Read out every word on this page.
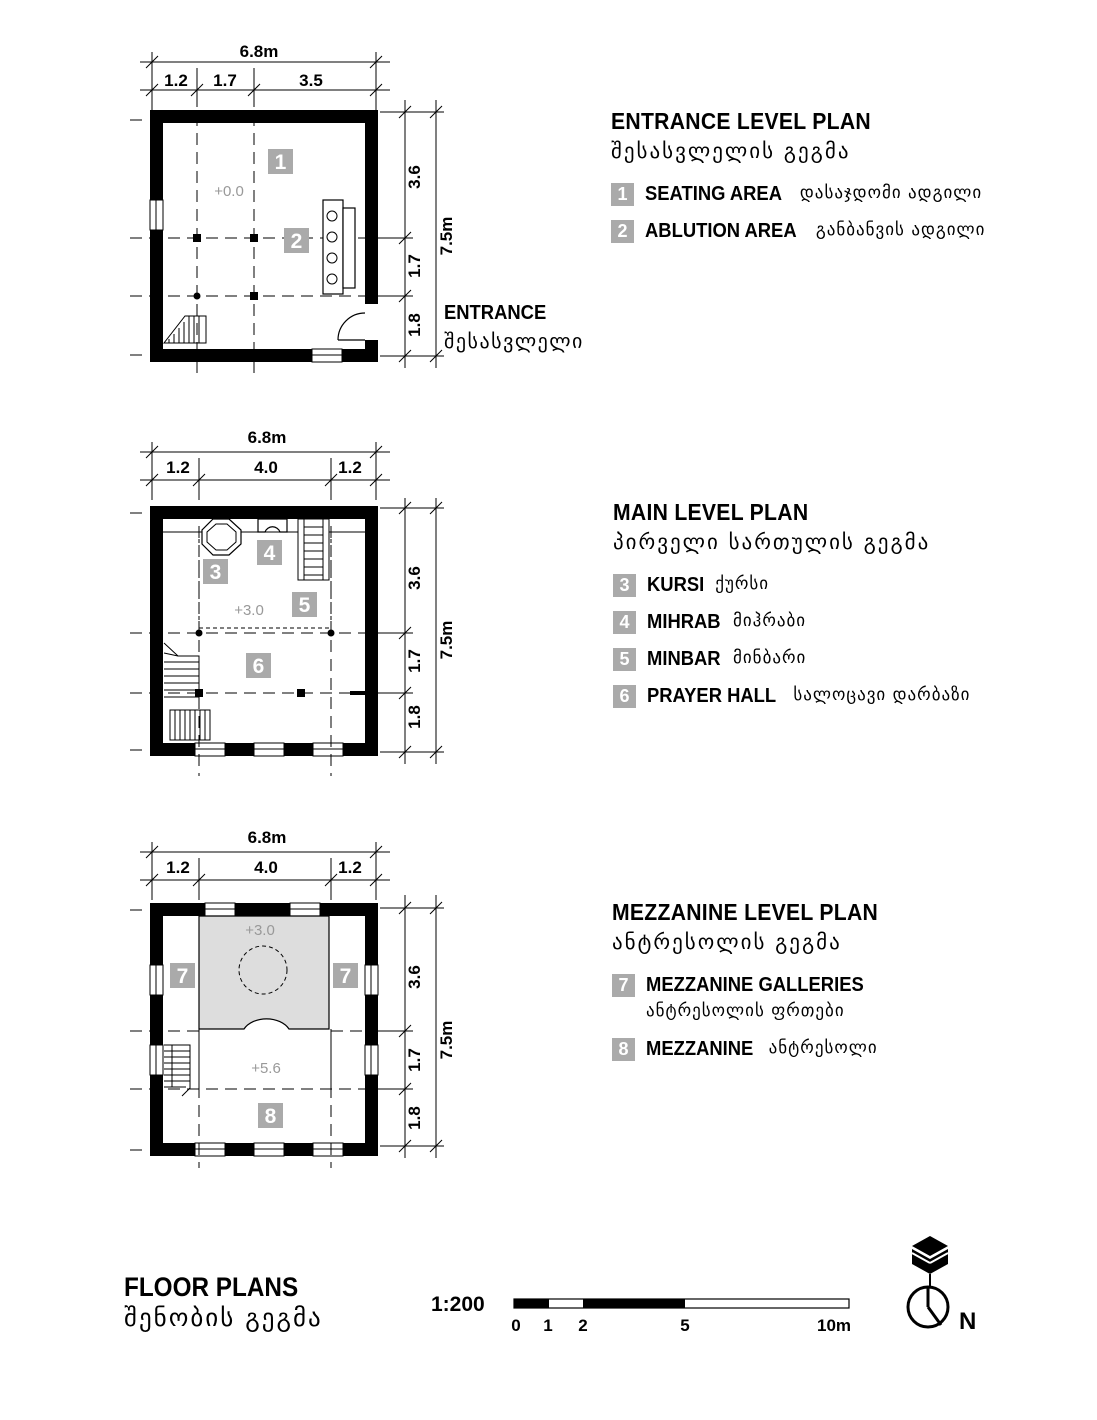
6.8m
1.2 1.7	3.5
3.6
1.7
1.8
7.5m
+0.0
1
2
6.8m
1.2	4.0	1.2
3.6
1.7
1.8
7.5m
+3.0
3
4
5
6
6.8m
1.2	4.0	1.2
3.6
1.7
1.8
7.5m
+3.0
+5.6
7	7
8
0 1 2	5	10m	N
ENTRANCE LEVEL PLAN
შესასვლელის გეგმა
1 SEATING AREA დასაჯდომი ადგილი
2 ABLUTION AREA განბანვის ადგილი
MAIN LEVEL PLAN
პირველი სართულის გეგმა
3 KURSI ქურსი
4 MIHRAB მიჰრაბი
5 MINBAR მინბარი
6 PRAYER HALL სალოცავი დარბაზი
MEZZANINE LEVEL PLAN
ანტრესოლის გეგმა
7 MEZZANINE GALLERIES
ანტრესოლის ფრთები
8 MEZZANINE ანტრესოლი
ENTRANCE
შესასვლელი
FLOOR PLANS
შენობის გეგმა	1:200
